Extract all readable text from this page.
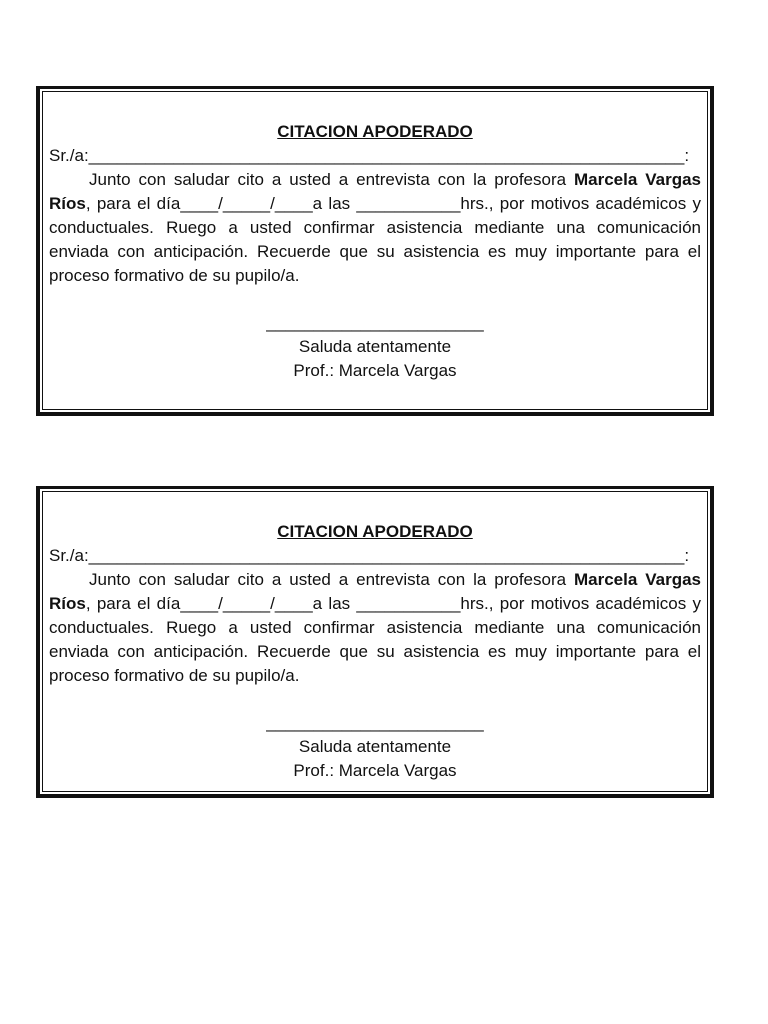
CITACION APODERADO

Sr./a:_______________________________________________________________:

Junto con saludar cito a usted a entrevista con la profesora Marcela Vargas Ríos, para el día____/_____/____a las ___________hrs., por motivos académicos y conductuales. Ruego a usted confirmar asistencia mediante una comunicación enviada con anticipación. Recuerde que su asistencia es muy importante para el proceso formativo de su pupilo/a.

_______________________
Saluda atentamente
Prof.: Marcela Vargas

CITACION APODERADO

Sr./a:_______________________________________________________________:

Junto con saludar cito a usted a entrevista con la profesora Marcela Vargas Ríos, para el día____/_____/____a las ___________hrs., por motivos académicos y conductuales. Ruego a usted confirmar asistencia mediante una comunicación enviada con anticipación. Recuerde que su asistencia es muy importante para el proceso formativo de su pupilo/a.

_______________________
Saluda atentamente
Prof.: Marcela Vargas
